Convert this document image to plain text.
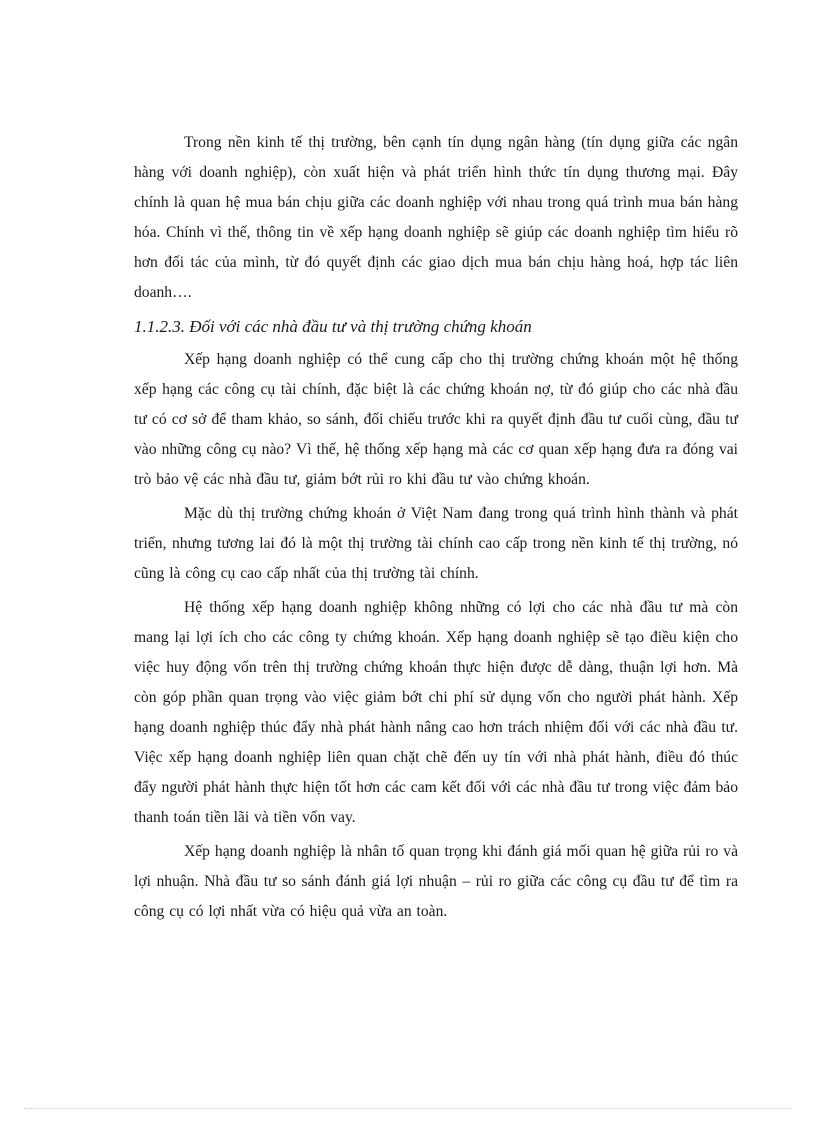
Trong nền kinh tế thị trường, bên cạnh tín dụng ngân hàng (tín dụng giữa các ngân hàng với doanh nghiệp), còn xuất hiện và phát triển hình thức tín dụng thương mại. Đây chính là quan hệ mua bán chịu giữa các doanh nghiệp với nhau trong quá trình mua bán hàng hóa. Chính vì thế, thông tin về xếp hạng doanh nghiệp sẽ giúp các doanh nghiệp tìm hiểu rõ hơn đối tác của mình, từ đó quyết định các giao dịch mua bán chịu hàng hoá, hợp tác liên doanh….

1.1.2.3. Đối với các nhà đầu tư và thị trường chứng khoán

Xếp hạng doanh nghiệp có thể cung cấp cho thị trường chứng khoán một hệ thống xếp hạng các công cụ tài chính, đặc biệt là các chứng khoán nợ, từ đó giúp cho các nhà đầu tư có cơ sở để tham khảo, so sánh, đối chiếu trước khi ra quyết định đầu tư cuối cùng, đầu tư vào những công cụ nào? Vì thế, hệ thống xếp hạng mà các cơ quan xếp hạng đưa ra đóng vai trò bảo vệ các nhà đầu tư, giảm bớt rủi ro khi đầu tư vào chứng khoán.

Mặc dù thị trường chứng khoán ở Việt Nam đang trong quá trình hình thành và phát triển, nhưng tương lai đó là một thị trường tài chính cao cấp trong nền kinh tế thị trường, nó cũng là công cụ cao cấp nhất của thị trường tài chính.

Hệ thống xếp hạng doanh nghiệp không những có lợi cho các nhà đầu tư mà còn mang lại lợi ích cho các công ty chứng khoán. Xếp hạng doanh nghiệp sẽ tạo điều kiện cho việc huy động vốn trên thị trường chứng khoán thực hiện được dễ dàng, thuận lợi hơn. Mà còn góp phần quan trọng vào việc giảm bớt chi phí sử dụng vốn cho người phát hành. Xếp hạng doanh nghiệp thúc đẩy nhà phát hành nâng cao hơn trách nhiệm đối với các nhà đầu tư. Việc xếp hạng doanh nghiệp liên quan chặt chẽ đến uy tín với nhà phát hành, điều đó thúc đẩy người phát hành thực hiện tốt hơn các cam kết đối với các nhà đầu tư trong việc đảm bảo thanh toán tiền lãi và tiền vốn vay.

Xếp hạng doanh nghiệp là nhân tố quan trọng khi đánh giá mối quan hệ giữa rủi ro và lợi nhuận. Nhà đầu tư so sánh đánh giá lợi nhuận – rủi ro giữa các công cụ đầu tư để tìm ra công cụ có lợi nhất vừa có hiệu quả vừa an toàn.
